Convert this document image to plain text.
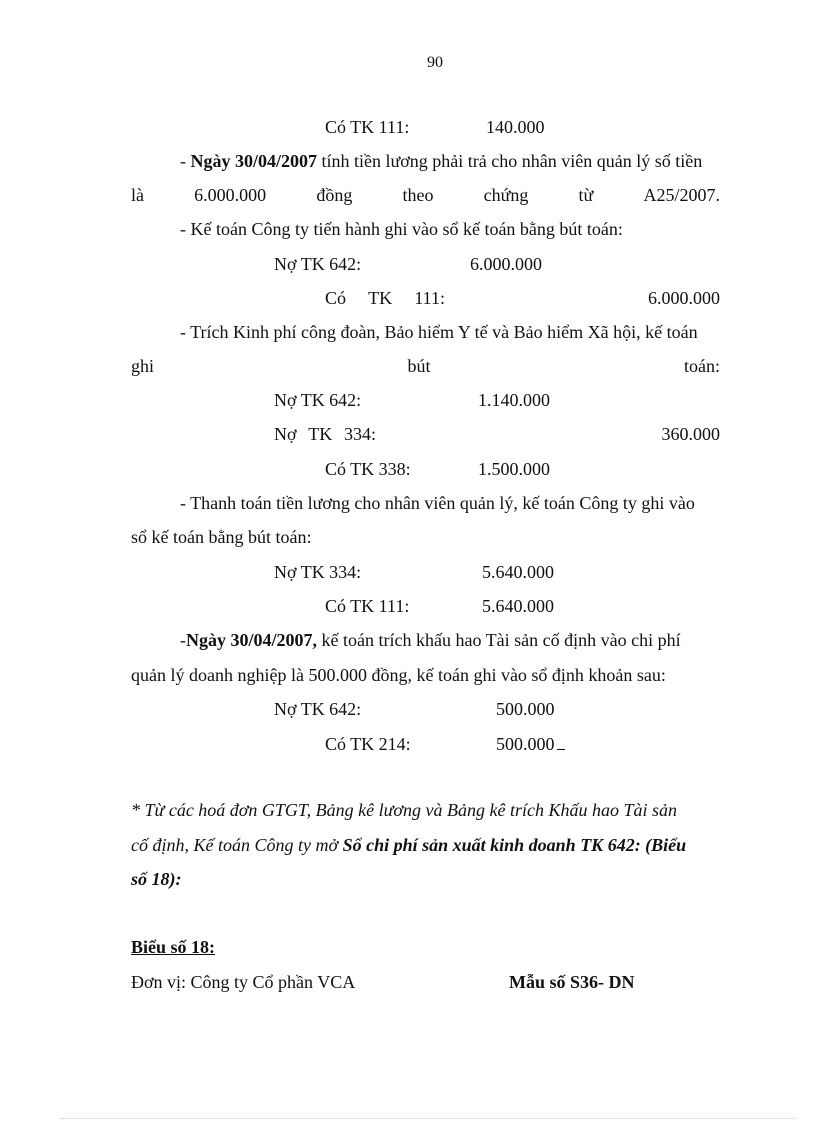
90
Có TK 111:	140.000
- Ngày 30/04/2007 tính tiền lương phải trả cho nhân viên quản lý số tiền
là	6.000.000	đồng	theo	chứng	từ	A25/2007.
- Kế toán Công ty tiến hành ghi vào sổ kế toán bằng bút toán:
Nợ TK 642:	6.000.000
Có TK 111:	6.000.000
- Trích Kinh phí công đoàn, Bảo hiểm Y tế và Bảo hiểm Xã hội, kế toán
ghi	bút	toán:
Nợ TK 642:	1.140.000
Nợ TK 334:	360.000
Có TK 338:	1.500.000
- Thanh toán tiền lương cho nhân viên quản lý, kế toán Công ty ghi vào
sổ kế toán bằng bút toán:
Nợ TK 334:	5.640.000
Có TK 111:	5.640.000
-Ngày 30/04/2007, kế toán trích khấu hao Tài sản cố định vào chi phí
quản lý doanh nghiệp là 500.000 đồng, kế toán ghi vào sổ định khoản sau:
Nợ TK 642:	500.000
Có TK 214:	500.000
* Từ các hoá đơn GTGT, Bảng kê lương và Bảng kê trích Khấu hao Tài sản
cố định, Kế toán Công ty mở Sổ chi phí sản xuất kinh doanh TK 642: (Biểu
số 18):
Biểu số 18:
Đơn vị: Công ty Cổ phần VCA	Mẫu số S36- DN
